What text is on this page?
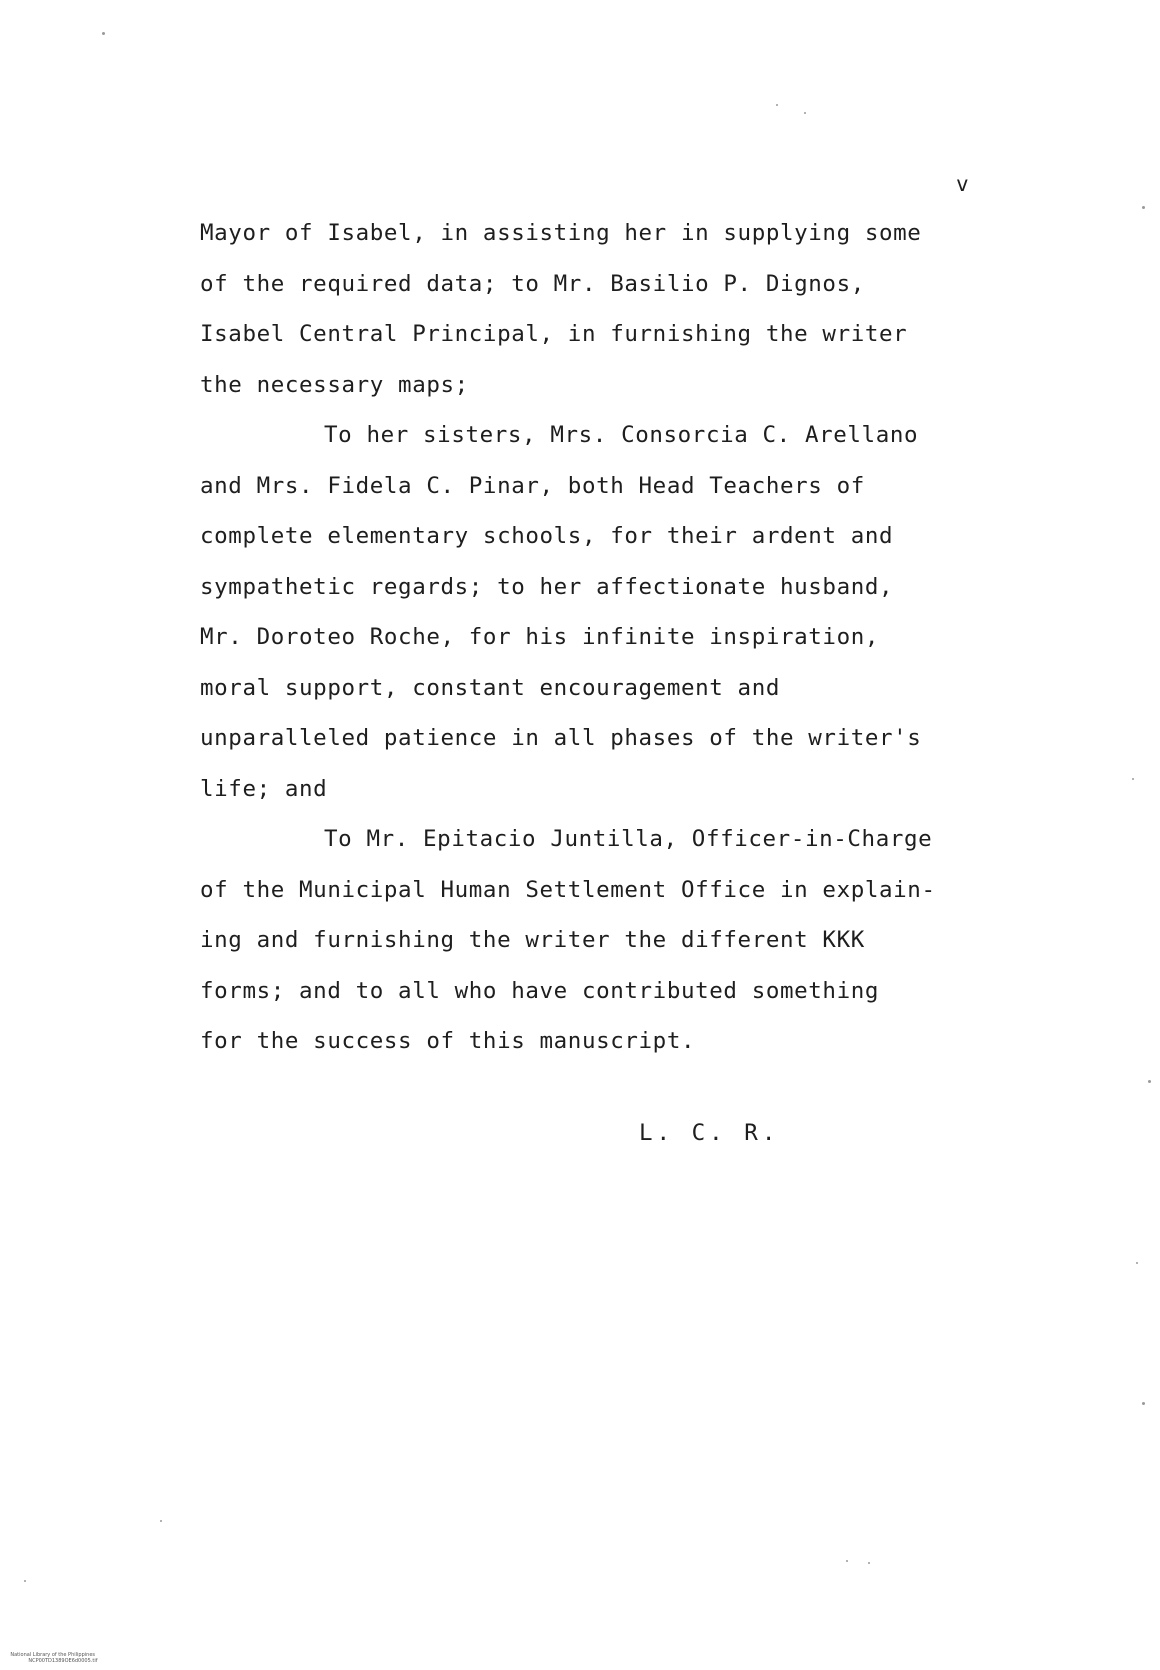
v
Mayor of Isabel, in assisting her in supplying some
of the required data; to Mr. Basilio P. Dignos,
Isabel Central Principal, in furnishing the writer
the necessary maps;
To her sisters, Mrs. Consorcia C. Arellano
and Mrs. Fidela C. Pinar, both Head Teachers of
complete elementary schools, for their ardent and
sympathetic regards; to her affectionate husband,
Mr. Doroteo Roche, for his infinite inspiration,
moral support, constant encouragement and
unparalleled patience in all phases of the writer's
life; and
To Mr. Epitacio Juntilla, Officer-in-Charge
of the Municipal Human Settlement Office in explain-
ing and furnishing the writer the different KKK
forms; and to all who have contributed something
for the success of this manuscript.
L. C. R.

National Library of the Philippines
NCP00TD1389OE6d0005.tif
